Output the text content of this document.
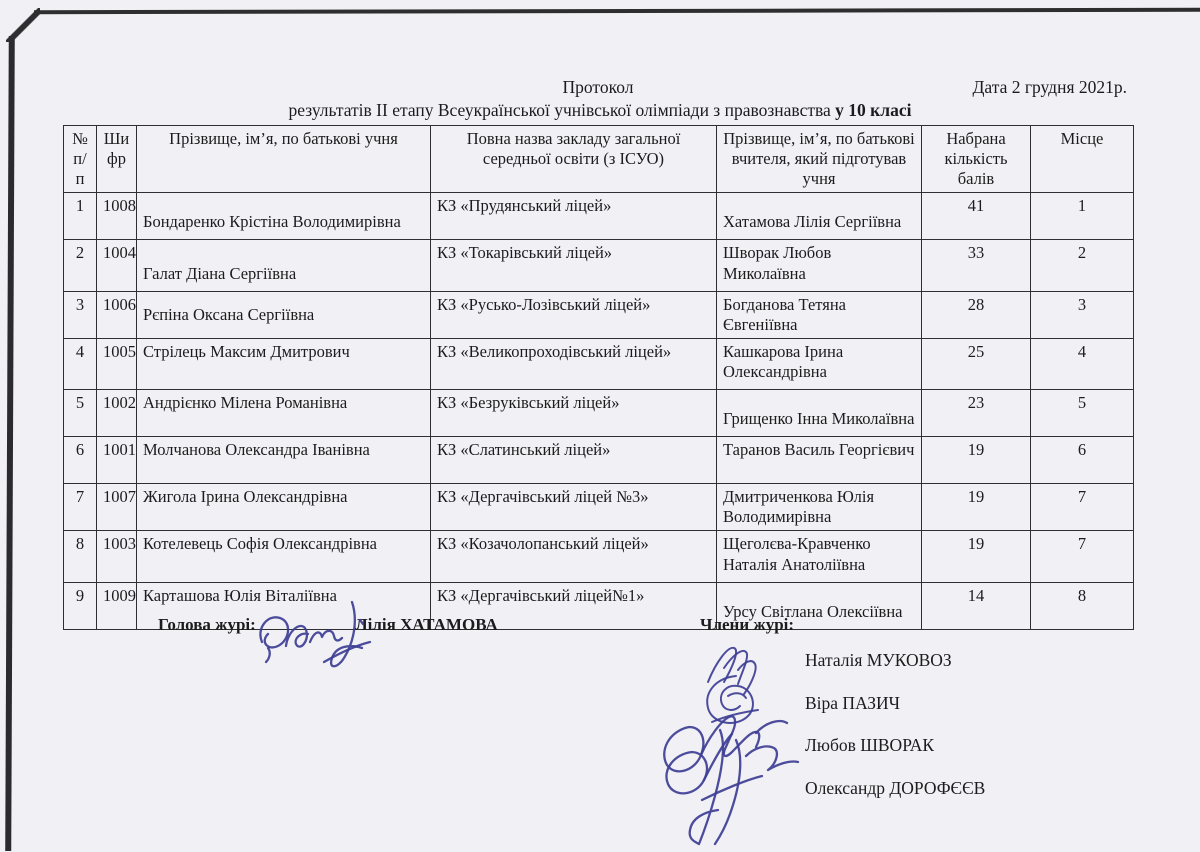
Протокол	Дата 2 грудня 2021р.
результатів ІІ етапу Всеукраїнської учнівської олімпіади з правознавства у 10 класі
№ п/п	Шифр	Прізвище, ім’я, по батькові учня	Повна назва закладу загальної середньої освіти (з ІСУО)	Прізвище, ім’я, по батькові вчителя, який підготував учня	Набрана кількість балів	Місце
1	1008	Бондаренко Крістіна Володимирівна	КЗ «Прудянський ліцей»	Хатамова Лілія Сергіївна	41	1
2	1004	Галат Діана Сергіївна	КЗ «Токарівський ліцей»	Шворак Любов Миколаївна	33	2
3	1006	Рєпіна Оксана Сергіївна	КЗ «Русько-Лозівський ліцей»	Богданова Тетяна Євгеніївна	28	3
4	1005	Стрілець Максим Дмитрович	КЗ «Великопроходівський ліцей»	Кашкарова Ірина Олександрівна	25	4
5	1002	Андрієнко Мілена Романівна	КЗ «Безруківський ліцей»	Грищенко Інна Миколаївна	23	5
6	1001	Молчанова Олександра Іванівна	КЗ «Слатинський ліцей»	Таранов Василь Георгієвич	19	6
7	1007	Жигола Ірина Олександрівна	КЗ «Дергачівський ліцей №3»	Дмитриченкова Юлія Володимирівна	19	7
8	1003	Котелевець Софія Олександрівна	КЗ «Козачолопанський ліцей»	Щеголєва-Кравченко Наталія Анатоліївна	19	7
9	1009	Карташова Юлія Віталіївна	КЗ «Дергачівський ліцей№1»	Урсу Світлана Олексіївна	14	8
Голова журі:	Лілія ХАТАМОВА	Члени журі:
Наталія МУКОВОЗ
Віра ПАЗИЧ
Любов ШВОРАК
Олександр ДОРОФЄЄВ
